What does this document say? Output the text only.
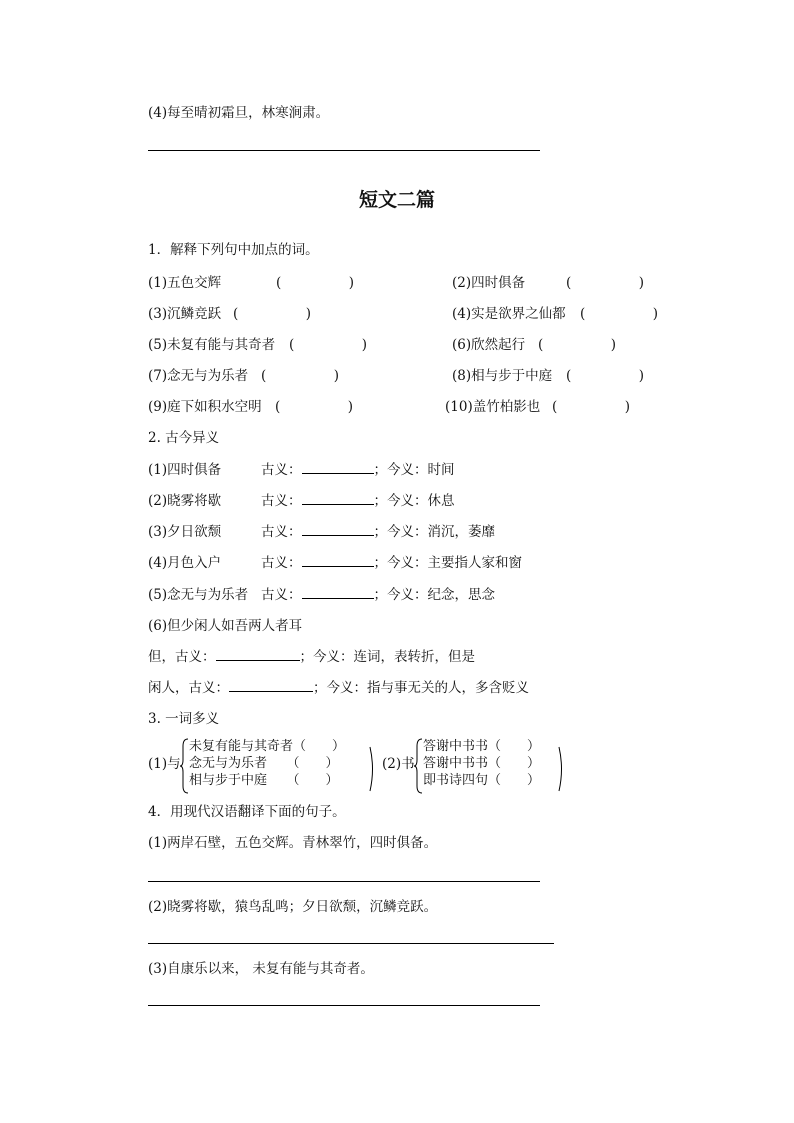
(4)每至晴初霜旦，林寒涧肃。
短文二篇
1．解释下列句中加点的词。
(1)五色交辉	(　　　　　)	(2)四时俱备	(　　　　　)
(3)沉鳞竞跃 (　　　　　)	(4)实是欲界之仙都 (　　　　　)
(5)未复有能与其奇者 (　　　　　)	(6)欣然起行 (　　　　　)
(7)念无与为乐者 (　　　　　)	(8)相与步于中庭 (　　　　　)
(9)庭下如积水空明 (　　　　　)	(10)盖竹柏影也 (　　　　　)
2. 古今异义
(1)四时俱备	古义：	；今义：时间
(2)晓雾将歇	古义：	；今义：休息
(3)夕日欲颓	古义：	；今义：消沉，萎靡
(4)月色入户	古义：	；今义：主要指人家和窗
(5)念无与为乐者 古义：	；今义：纪念，思念
(6)但少闲人如吾两人者耳
但，古义：	；今义：连词，表转折，但是
闲人，古义：	；今义：指与事无关的人，多含贬义
3. 一词多义
(1)与
未复有能与其奇者（　　）
念无与为乐者　　（　　）
相与步于中庭　　（　　）
(2)书
答谢中书书（　　）
答谢中书书（　　）
即书诗四句（　　）
4．用现代汉语翻译下面的句子。
(1)两岸石壁，五色交辉。青林翠竹，四时俱备。
(2)晓雾将歇，猿鸟乱鸣；夕日欲颓，沉鳞竞跃。
(3)自康乐以来， 未复有能与其奇者。
